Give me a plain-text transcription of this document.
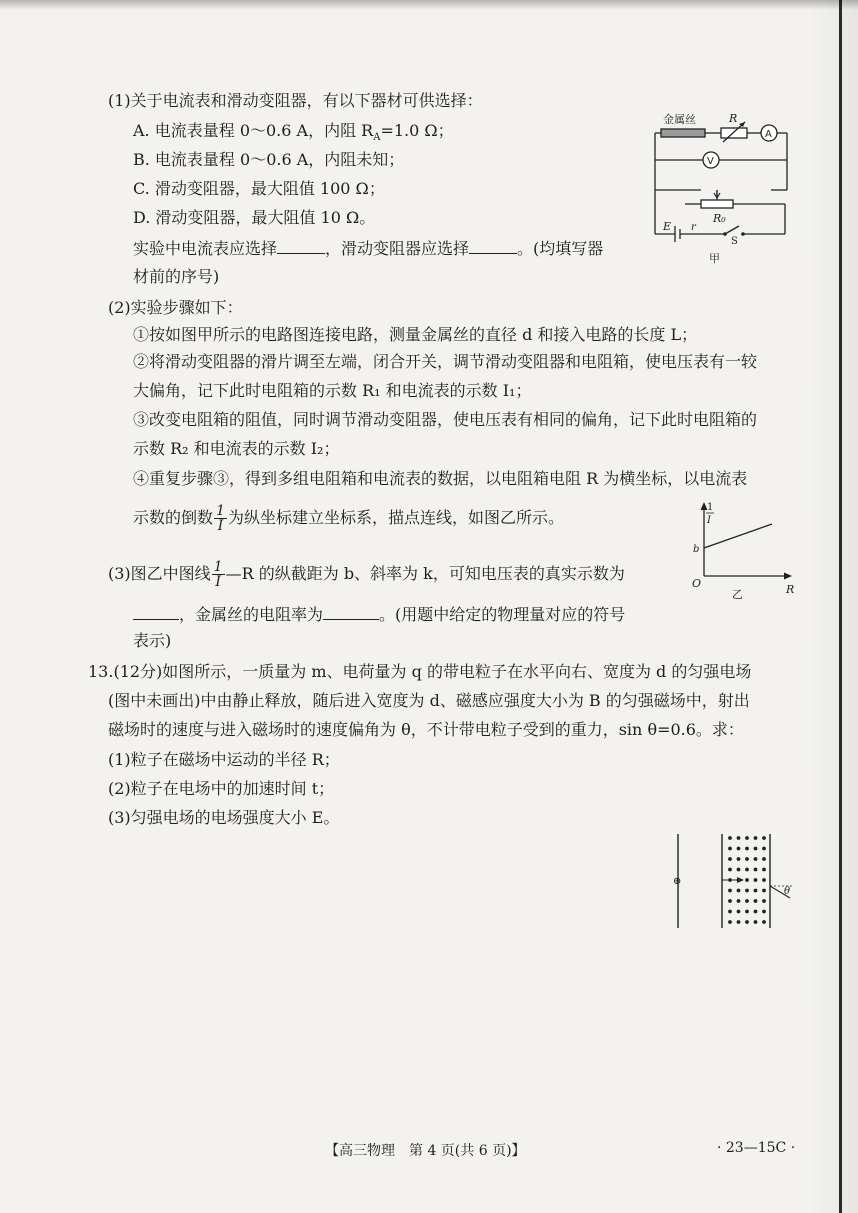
(1)关于电流表和滑动变阻器，有以下器材可供选择：
A. 电流表量程 0～0.6 A，内阻 $R_A=1.0$ Ω；
B. 电流表量程 0～0.6 A，内阻未知；
C. 滑动变阻器，最大阻值 100 Ω；
D. 滑动变阻器，最大阻值 10 Ω。
实验中电流表应选择	，滑动变阻器应选择	。(均填写器
材前的序号)
金属丝	R
A
V
R₀
E r
S
甲
(2)实验步骤如下：
①按如图甲所示的电路图连接电路，测量金属丝的直径 d 和接入电路的长度 L；
②将滑动变阻器的滑片调至左端，闭合开关，调节滑动变阻器和电阻箱，使电压表有一较
大偏角，记下此时电阻箱的示数 R₁ 和电流表的示数 I₁；
③改变电阻箱的阻值，同时调节滑动变阻器，使电压表有相同的偏角，记下此时电阻箱的
示数 R₂ 和电流表的示数 I₂；
④重复步骤③，得到多组电阻箱和电流表的数据，以电阻箱电阻 R 为横坐标，以电流表
示数的倒数 $\frac{1}{I}$ 为纵坐标建立坐标系，描点连线，如图乙所示。
1
I
b
O	R
乙
(3)图乙中图线 $\frac{1}{I}$ —R 的纵截距为 b、斜率为 k，可知电压表的真实示数为
，金属丝的电阻率为	。(用题中给定的物理量对应的符号
表示)
13.(12分)如图所示，一质量为 m、电荷量为 q 的带电粒子在水平向右、宽度为 d 的匀强电场
(图中未画出)中由静止释放，随后进入宽度为 d、磁感应强度大小为 B 的匀强磁场中，射出
磁场时的速度与进入磁场时的速度偏角为 θ，不计带电粒子受到的重力，sin θ=0.6。求：
(1)粒子在磁场中运动的半径 R；
(2)粒子在电场中的加速时间 t；
(3)匀强电场的电场强度大小 E。
⊕
θ
【高三物理　第 4 页(共 6 页)】	· 23—15C ·
